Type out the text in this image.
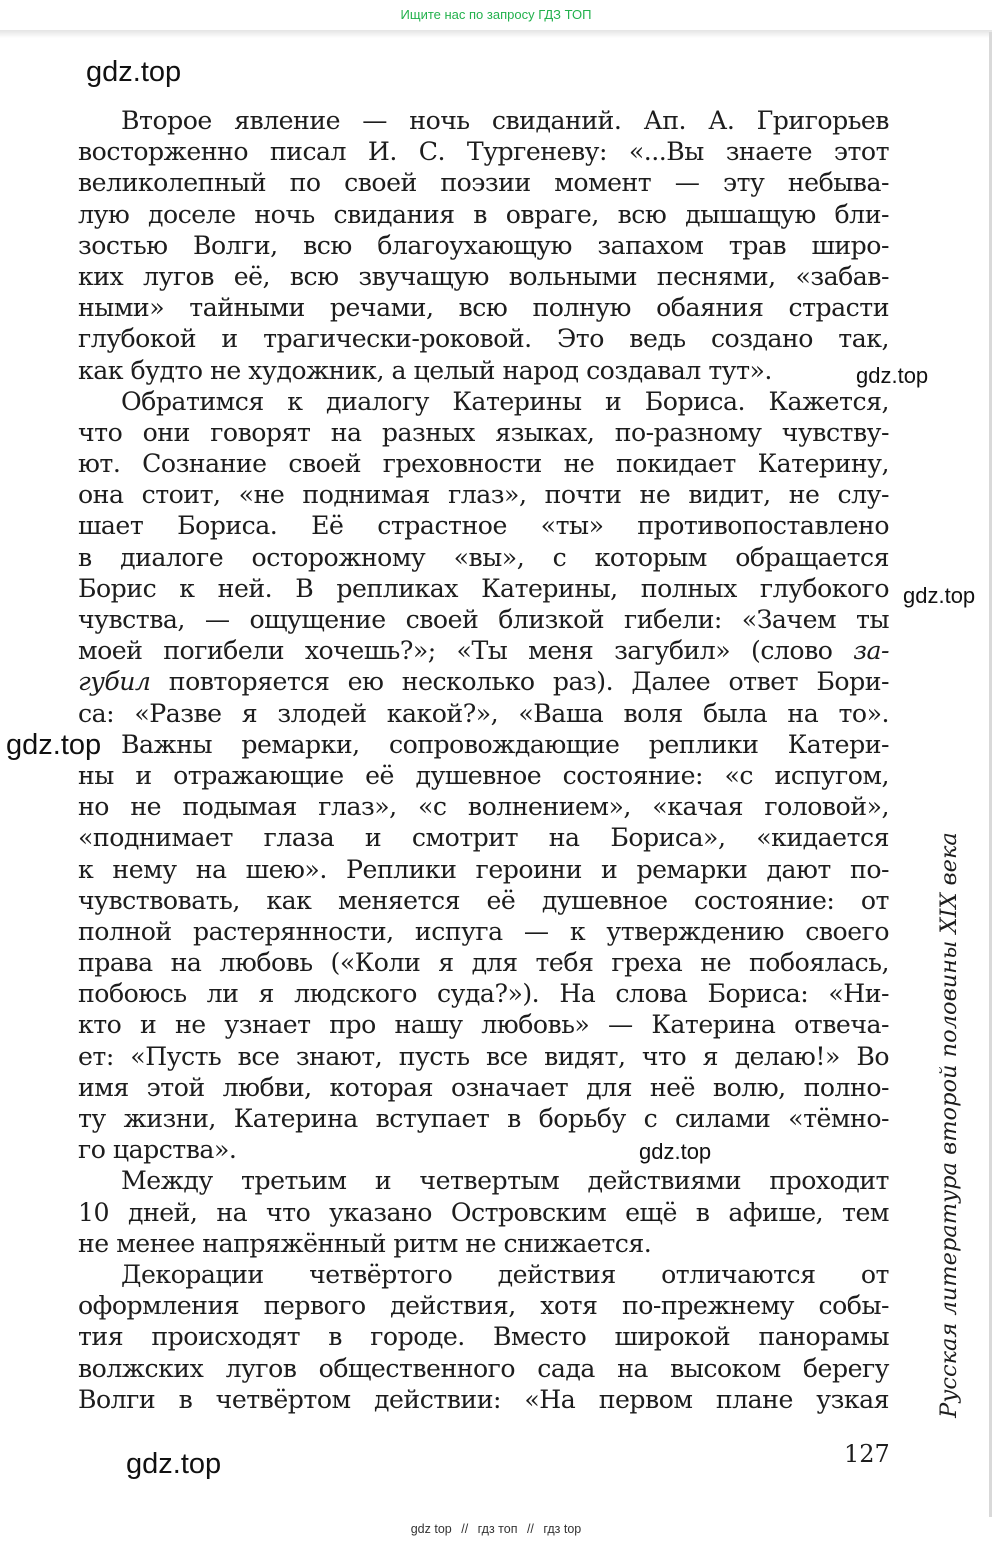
Ищите нас по запросу ГДЗ ТОП
gdz.top
gdz.top
gdz.top
gdz.top
gdz.top
gdz.top
Второе явление — ночь свиданий. Ап. А. Григорьев
восторженно писал И. С. Тургеневу: «...Вы знаете этот
великолепный по своей поэзии момент — эту небыва-
лую доселе ночь свидания в овраге, всю дышащую бли-
зостью Волги, всю благоухающую запахом трав широ-
ких лугов её, всю звучащую вольными песнями, «забав-
ными» тайными речами, всю полную обаяния страсти
глубокой и трагически-роковой. Это ведь создано так,
как будто не художник, а целый народ создавал тут».
Обратимся к диалогу Катерины и Бориса. Кажется,
что они говорят на разных языках, по-разному чувству-
ют. Сознание своей греховности не покидает Катерину,
она стоит, «не поднимая глаз», почти не видит, не слу-
шает Бориса. Её страстное «ты» противопоставлено
в диалоге осторожному «вы», с которым обращается
Борис к ней. В репликах Катерины, полных глубокого
чувства, — ощущение своей близкой гибели: «Зачем ты
моей погибели хочешь?»; «Ты меня загубил» (слово за-
губил повторяется ею несколько раз). Далее ответ Бори-
са: «Разве я злодей какой?», «Ваша воля была на то».
Важны ремарки, сопровождающие реплики Катери-
ны и отражающие её душевное состояние: «с испугом,
но не подымая глаз», «с волнением», «качая головой»,
«поднимает глаза и смотрит на Бориса», «кидается
к нему на шею». Реплики героини и ремарки дают по-
чувствовать, как меняется её душевное состояние: от
полной растерянности, испуга — к утверждению своего
права на любовь («Коли я для тебя греха не побоялась,
побоюсь ли я людского суда?»). На слова Бориса: «Ни-
кто и не узнает про нашу любовь» — Катерина отвеча-
ет: «Пусть все знают, пусть все видят, что я делаю!» Во
имя этой любви, которая означает для неё волю, полно-
ту жизни, Катерина вступает в борьбу с силами «тёмно-
го царства».
Между третьим и четвертым действиями проходит
10 дней, на что указано Островским ещё в афише, тем
не менее напряжённый ритм не снижается.
Декорации четвёртого действия отличаются от
оформления первого действия, хотя по-прежнему собы-
тия происходят в городе. Вместо широкой панорамы
волжских лугов общественного сада на высоком берегу
Волги в четвёртом действии: «На первом плане узкая Русская литература второй половины XIX века
127
gdz top // гдз топ // гдз top
